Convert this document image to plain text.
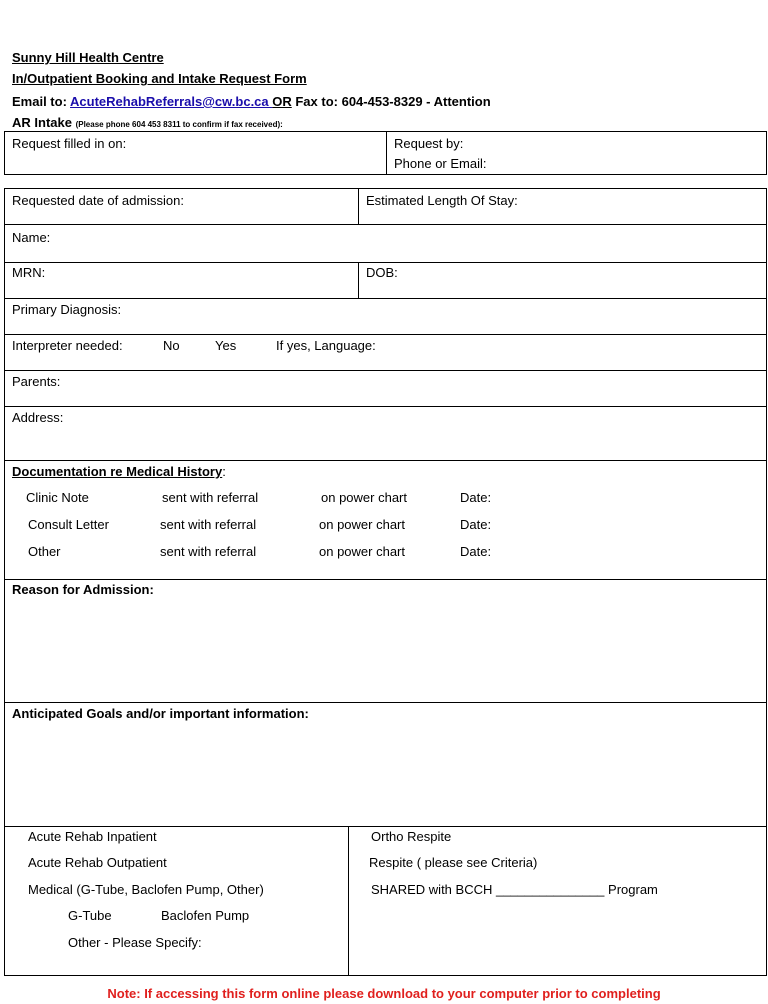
Sunny Hill Health Centre
In/Outpatient Booking and Intake Request Form
Email to: AcuteRehabReferrals@cw.bc.ca OR Fax to: 604-453-8329 - Attention
AR Intake (Please phone 604 453 8311 to confirm if fax received):
Request filled in on:	Request by:
Phone or Email:
Requested date of admission:	Estimated Length Of Stay:
Name:
MRN:	DOB:
Primary Diagnosis:
Interpreter needed:	No	Yes	If yes, Language:
Parents:
Address:
Documentation re Medical History:
Clinic Note	sent with referral	on power chart	Date:
Consult Letter	sent with referral	on power chart	Date:
Other	sent with referral	on power chart	Date:
Reason for Admission:
Anticipated Goals and/or important information:
Acute Rehab Inpatient
Acute Rehab Outpatient
Medical (G-Tube, Baclofen Pump, Other)
G-Tube	Baclofen Pump
Other - Please Specify:
Ortho Respite
Respite ( please see Criteria)
SHARED with BCCH _______________ Program
Note: If accessing this form online please download to your computer prior to completing
